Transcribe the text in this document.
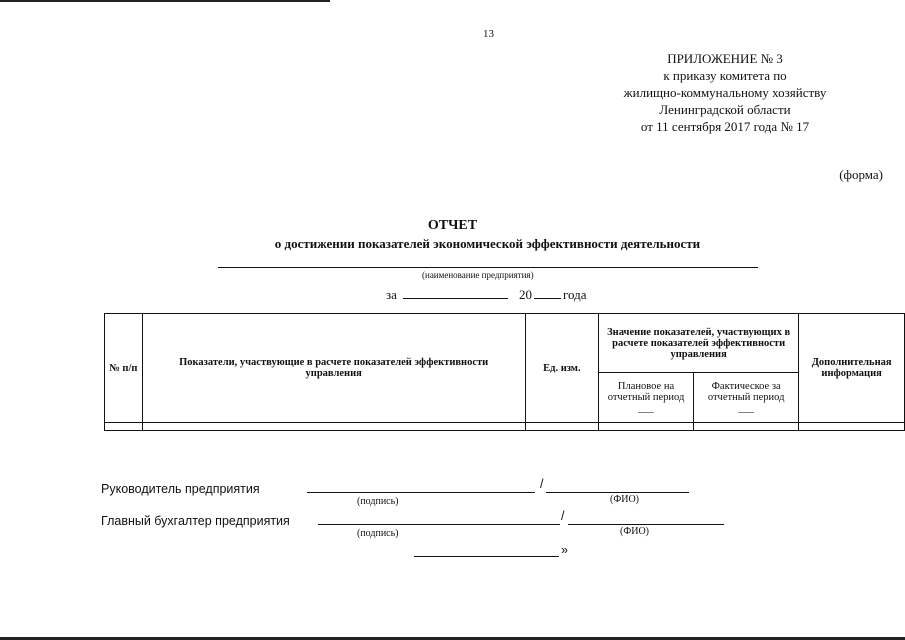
13
ПРИЛОЖЕНИЕ № 3
к приказу комитета по
жилищно-коммунальному хозяйству
Ленинградской области
от 11 сентября 2017 года № 17
(форма)
ОТЧЕТ
о достижении показателей экономической эффективности деятельности
(наименование предприятия)
за	20 года
№ п/п	Показатели, участвующие в расчете показателей эффективности управления	Ед. изм.	Значение показателей, участвующих в расчете показателей эффективности управления		Дополнительная информация
			Плановое на отчетный период ___	Фактическое за отчетный период ___	

Руководитель предприятия	/
(подпись)	(ФИО)
Главный бухгалтер предприятия	/
(подпись)	(ФИО)
»
